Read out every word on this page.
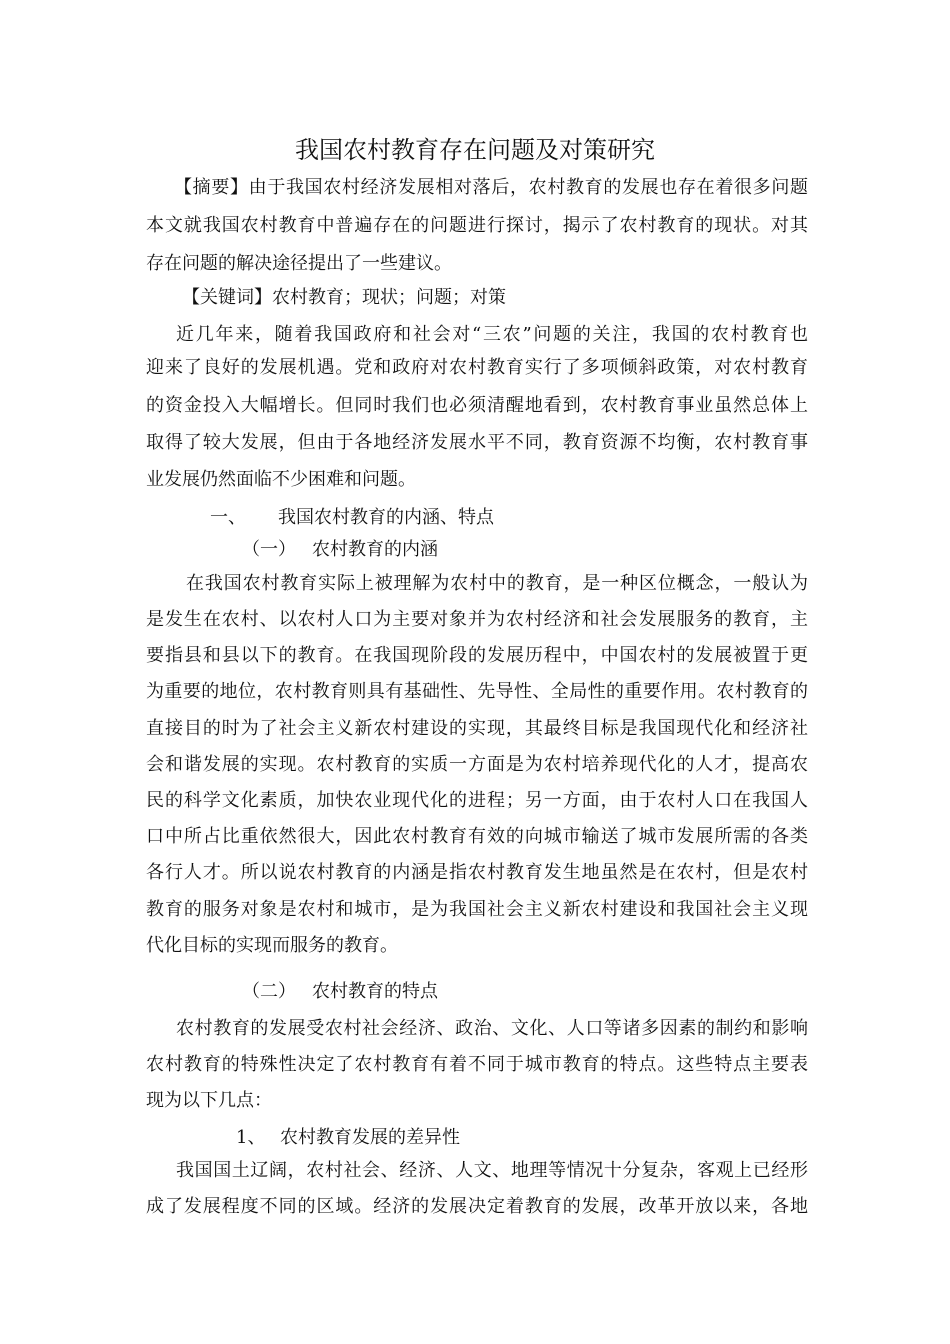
我国农村教育存在问题及对策研究
【摘要】由于我国农村经济发展相对落后，农村教育的发展也存在着很多问题
本文就我国农村教育中普遍存在的问题进行探讨，揭示了农村教育的现状。对其
存在问题的解决途径提出了一些建议。
【关键词】农村教育；现状；问题；对策
近几年来，随着我国政府和社会对“三农”问题的关注，我国的农村教育也
迎来了良好的发展机遇。党和政府对农村教育实行了多项倾斜政策，对农村教育
的资金投入大幅增长。但同时我们也必须清醒地看到，农村教育事业虽然总体上
取得了较大发展，但由于各地经济发展水平不同，教育资源不均衡，农村教育事
业发展仍然面临不少困难和问题。
一、 我国农村教育的内涵、特点
（一） 农村教育的内涵
在我国农村教育实际上被理解为农村中的教育，是一种区位概念，一般认为
是发生在农村、以农村人口为主要对象并为农村经济和社会发展服务的教育，主
要指县和县以下的教育。在我国现阶段的发展历程中，中国农村的发展被置于更
为重要的地位，农村教育则具有基础性、先导性、全局性的重要作用。农村教育的
直接目的时为了社会主义新农村建设的实现，其最终目标是我国现代化和经济社
会和谐发展的实现。农村教育的实质一方面是为农村培养现代化的人才，提高农
民的科学文化素质，加快农业现代化的进程；另一方面，由于农村人口在我国人
口中所占比重依然很大，因此农村教育有效的向城市输送了城市发展所需的各类
各行人才。所以说农村教育的内涵是指农村教育发生地虽然是在农村，但是农村
教育的服务对象是农村和城市，是为我国社会主义新农村建设和我国社会主义现
代化目标的实现而服务的教育。
（二） 农村教育的特点
农村教育的发展受农村社会经济、政治、文化、人口等诸多因素的制约和影响
农村教育的特殊性决定了农村教育有着不同于城市教育的特点。这些特点主要表
现为以下几点：
1、 农村教育发展的差异性
我国国土辽阔，农村社会、经济、人文、地理等情况十分复杂，客观上已经形
成了发展程度不同的区域。经济的发展决定着教育的发展，改革开放以来，各地
